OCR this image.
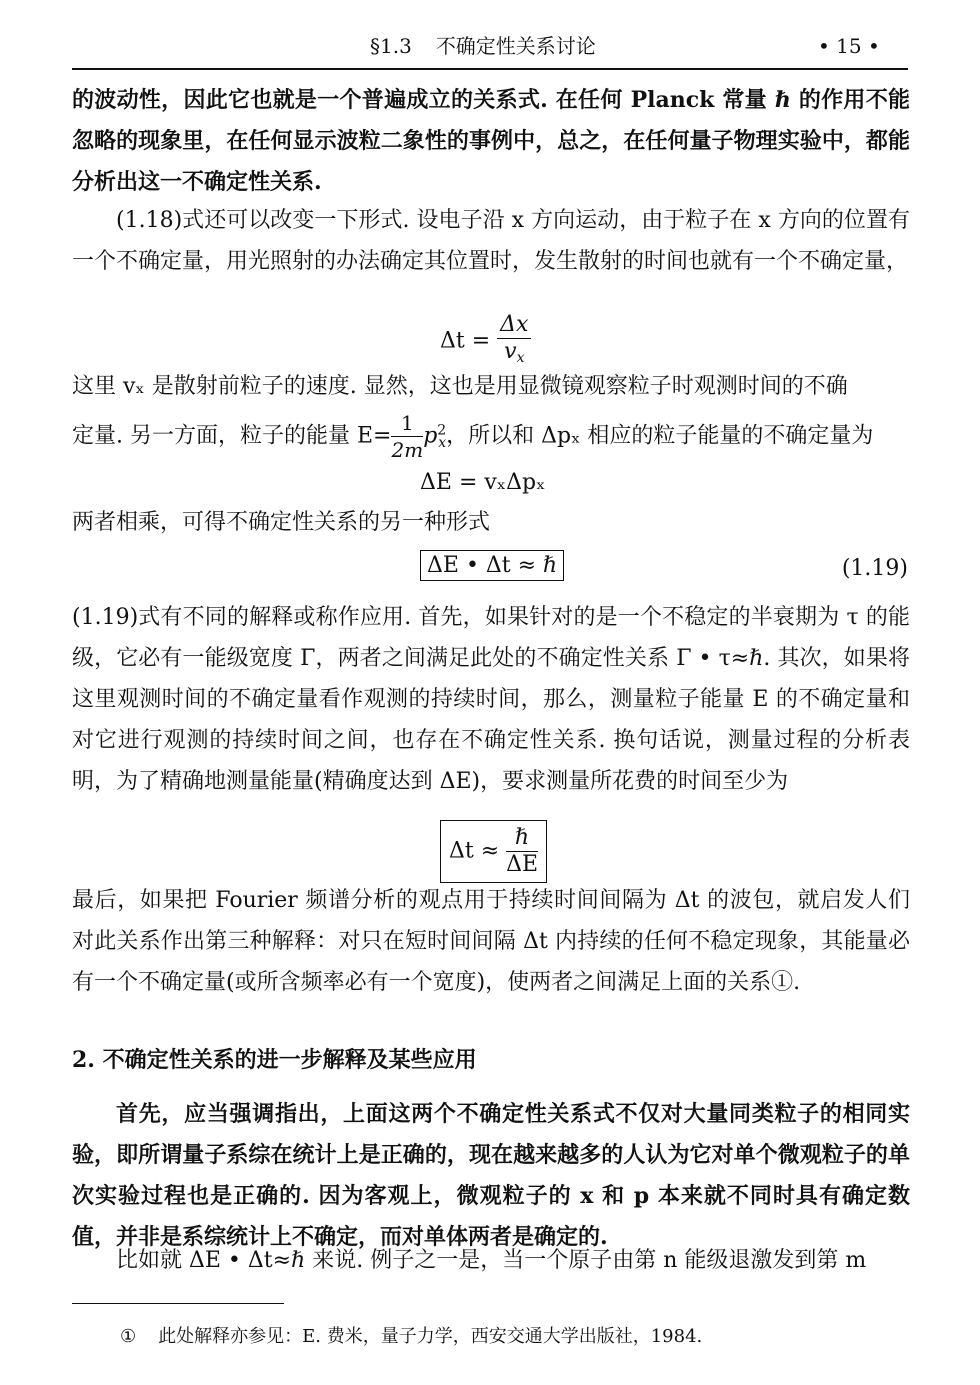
§1.3 不确定性关系讨论	• 15 •
的波动性，因此它也就是一个普遍成立的关系式. 在任何 Planck 常量 ℏ 的作用不能忽略的现象里，在任何显示波粒二象性的事例中，总之，在任何量子物理实验中，都能分析出这一不确定性关系.
(1.18)式还可以改变一下形式. 设电子沿 x 方向运动，由于粒子在 x 方向的位置有一个不确定量，用光照射的办法确定其位置时，发生散射的时间也就有一个不确定量，
$\Delta t = \frac{\Delta x}{v_x}$
这里 vₓ 是散射前粒子的速度. 显然，这也是用显微镜观察粒子时观测时间的不确
定量. 另一方面，粒子的能量 $E= \frac{1}{2m} p^2_x$，所以和 Δpₓ 相应的粒子能量的不确定量为
ΔE = vₓΔpₓ
两者相乘，可得不确定性关系的另一种形式
ΔE • Δt ≈ ℏ	(1.19)
(1.19)式有不同的解释或称作应用. 首先，如果针对的是一个不稳定的半衰期为 τ 的能级，它必有一能级宽度 Γ，两者之间满足此处的不确定性关系 Γ • τ≈ℏ. 其次，如果将这里观测时间的不确定量看作观测的持续时间，那么，测量粒子能量 E 的不确定量和对它进行观测的持续时间之间，也存在不确定性关系. 换句话说，测量过程的分析表明，为了精确地测量能量(精确度达到 ΔE)，要求测量所花费的时间至少为
$\Delta t \approx \frac{\text{ℏ}}{\Delta E}$
最后，如果把 Fourier 频谱分析的观点用于持续时间间隔为 Δt 的波包，就启发人们对此关系作出第三种解释：对只在短时间间隔 Δt 内持续的任何不稳定现象，其能量必有一个不确定量(或所含频率必有一个宽度)，使两者之间满足上面的关系①.
2. 不确定性关系的进一步解释及某些应用
首先，应当强调指出，上面这两个不确定性关系式不仅对大量同类粒子的相同实验，即所谓量子系综在统计上是正确的，现在越来越多的人认为它对单个微观粒子的单次实验过程也是正确的. 因为客观上，微观粒子的 x 和 p 本来就不同时具有确定数值，并非是系综统计上不确定，而对单体两者是确定的.
比如就 ΔE • Δt≈ℏ 来说. 例子之一是，当一个原子由第 n 能级退激发到第 m
① 此处解释亦参见：E. 费米，量子力学，西安交通大学出版社，1984.
